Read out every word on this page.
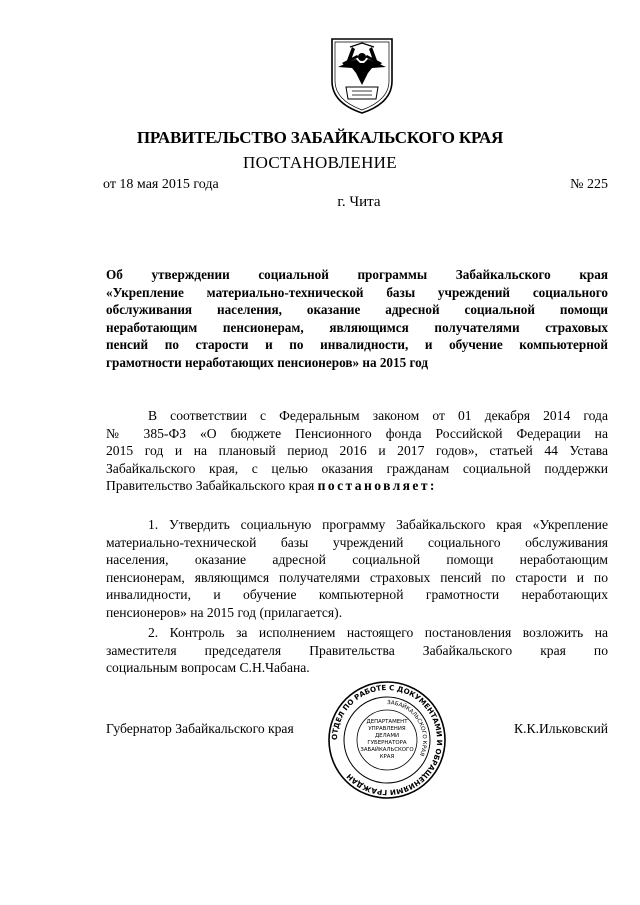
ПРАВИТЕЛЬСТВО ЗАБАЙКАЛЬСКОГО КРАЯ
ПОСТАНОВЛЕНИЕ
от 18 мая 2015 года	№ 225
г. Чита
Об утверждении социальной программы Забайкальского края
«Укрепление материально-технической базы учреждений социального
обслуживания населения, оказание адресной социальной помощи
неработающим пенсионерам, являющимся получателями страховых
пенсий по старости и по инвалидности, и обучение компьютерной
грамотности неработающих пенсионеров» на 2015 год
В соответствии с Федеральным законом от 01 декабря 2014 года
№ 385-ФЗ «О бюджете Пенсионного фонда Российской Федерации на
2015 год и на плановый период 2016 и 2017 годов», статьей 44 Устава
Забайкальского края, с целью оказания гражданам социальной поддержки
Правительство Забайкальского края постановляет:
1. Утвердить социальную программу Забайкальского края «Укрепление
материально-технической базы учреждений социального обслуживания
населения, оказание адресной социальной помощи неработающим
пенсионерам, являющимся получателями страховых пенсий по старости и по
инвалидности, и обучение компьютерной грамотности неработающих
пенсионеров» на 2015 год (прилагается).
2. Контроль за исполнением настоящего постановления возложить на
заместителя председателя Правительства Забайкальского края по
социальным вопросам С.Н.Чабана.
Губернатор Забайкальского края	К.К.Ильковский
ОТДЕЛ ПО РАБОТЕ С ДОКУМЕНТАМИ И ОБРАЩЕНИЯМИ ГРАЖДАН
ЗАБАЙКАЛЬСКОГО КРАЯ
ДЕПАРТАМЕНТ
УПРАВЛЕНИЯ
ДЕЛАМИ
ГУБЕРНАТОРА
ЗАБАЙКАЛЬСКОГО
КРАЯ
